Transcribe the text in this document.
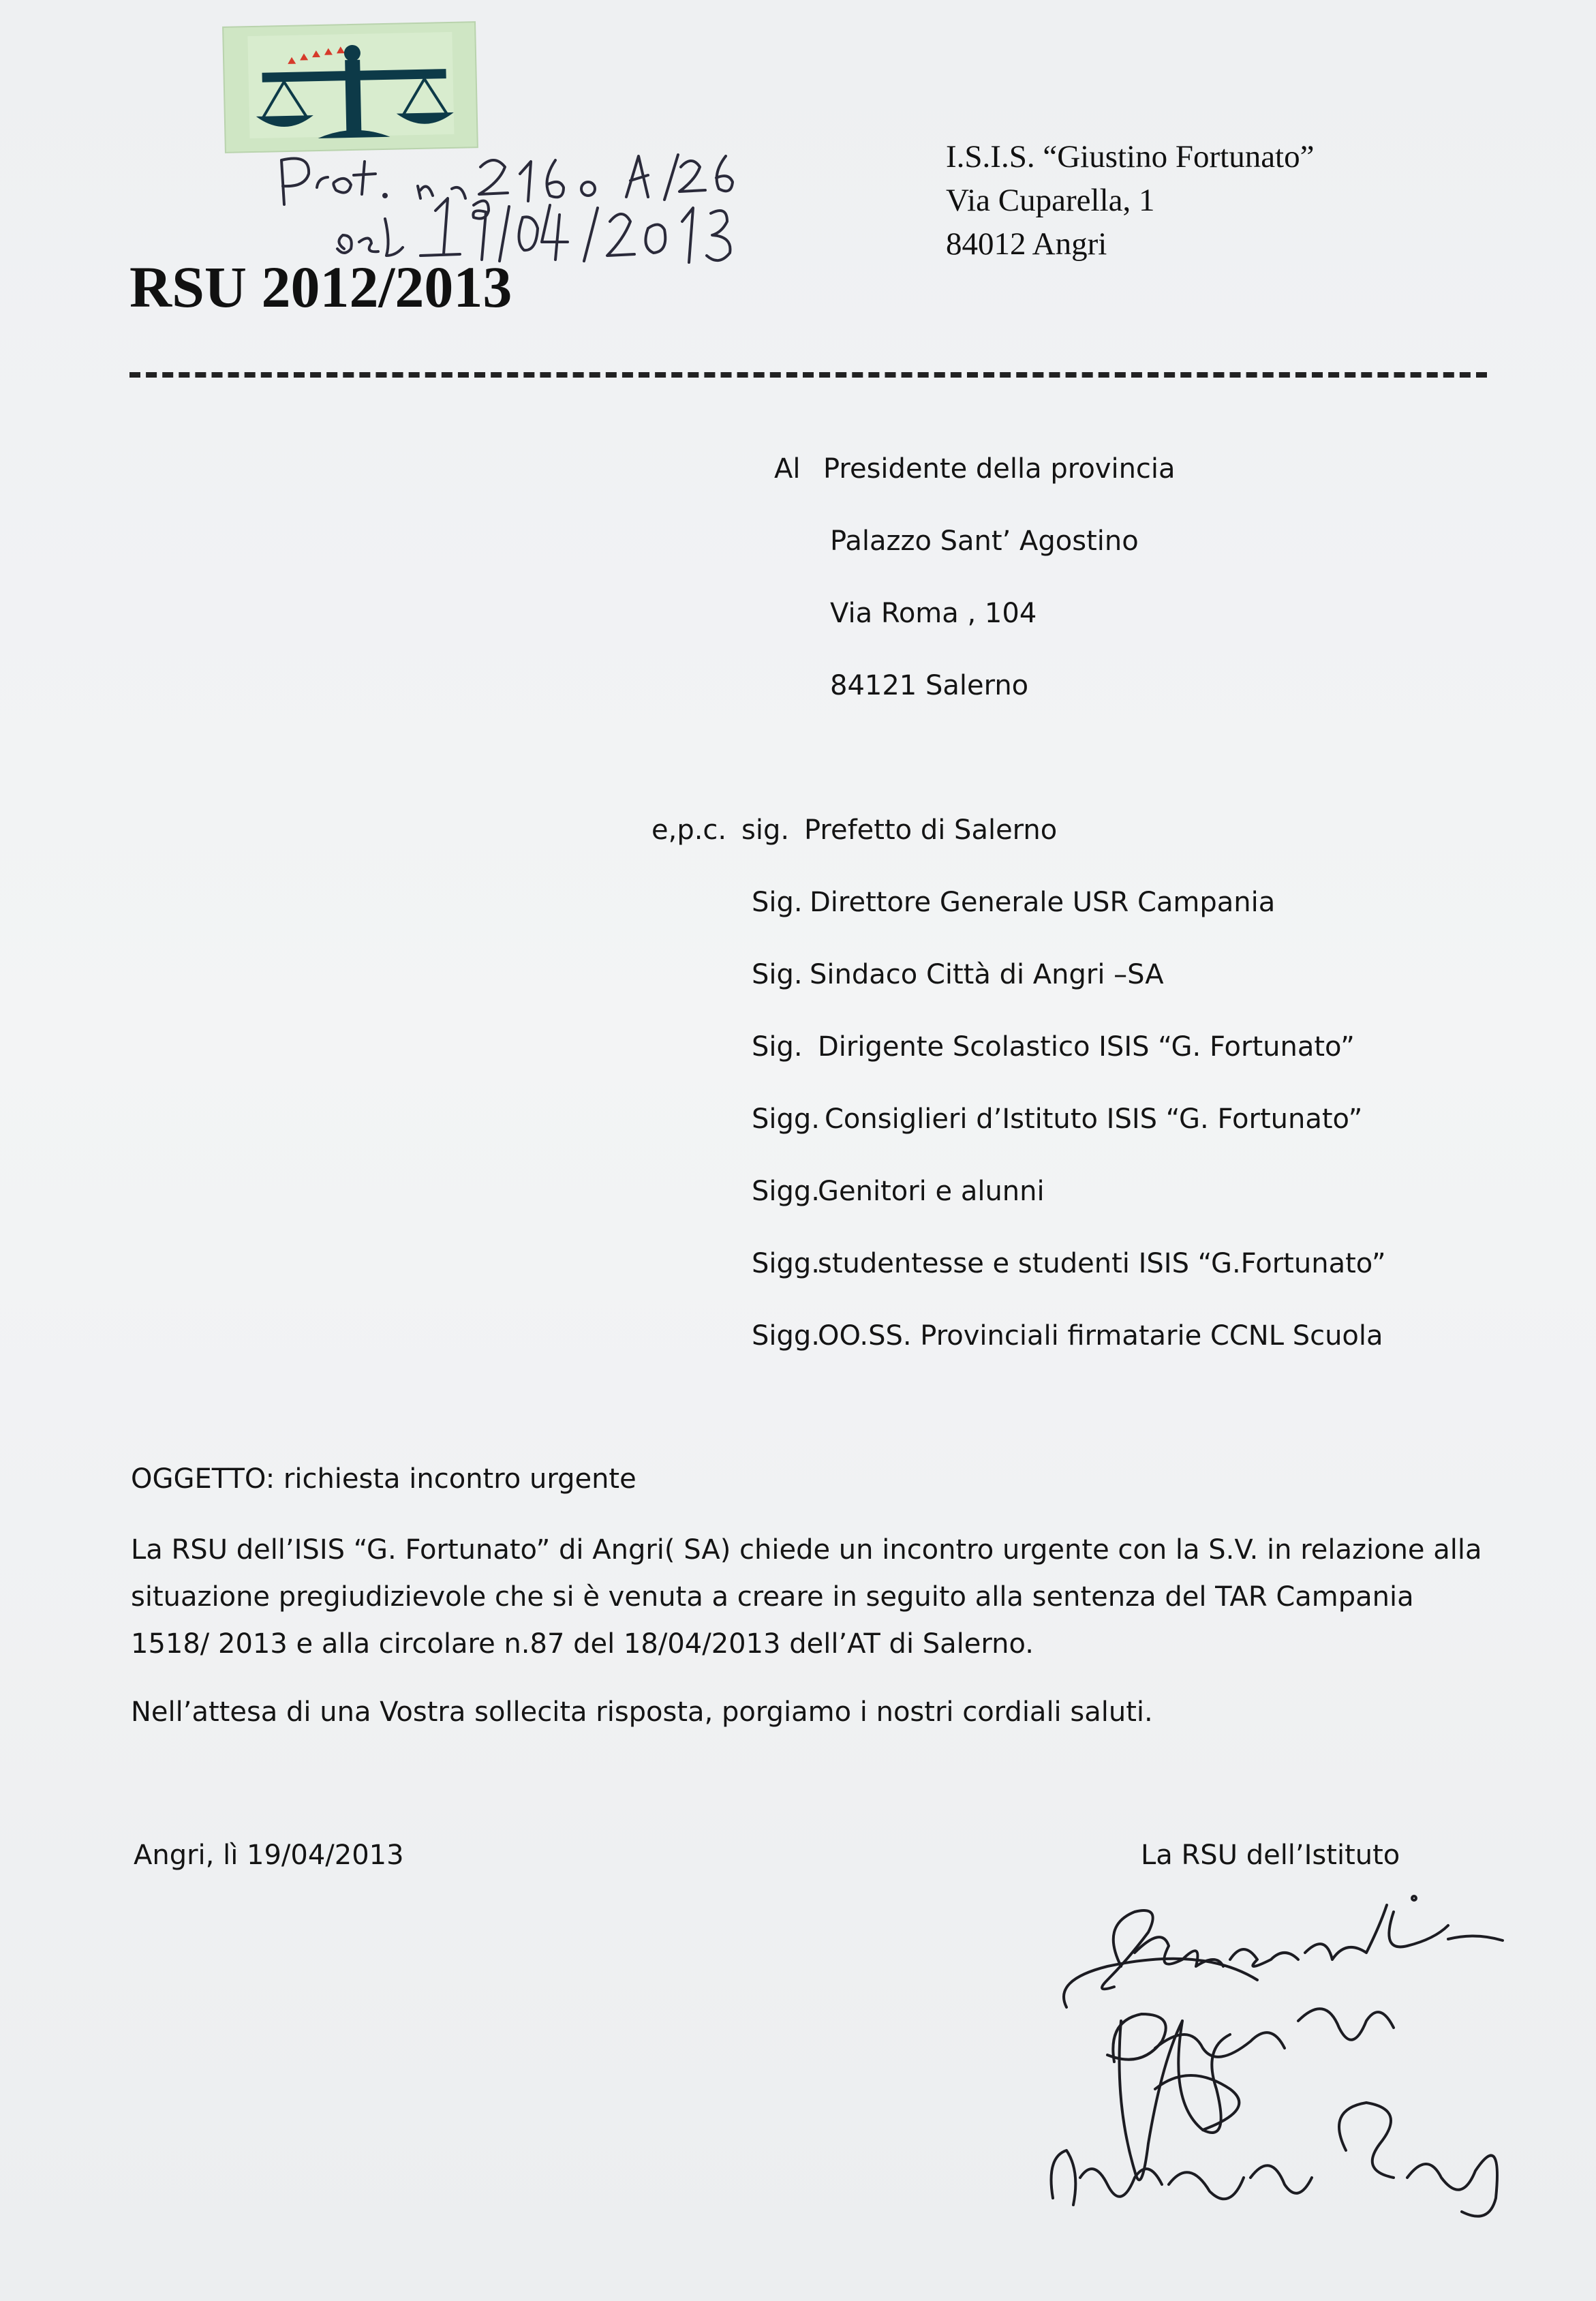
RSU 2012/2013
I.S.I.S. “Giustino Fortunato”
Via Cuparella, 1
84012 Angri
Al Presidente della provincia
Palazzo Sant’ Agostino
Via Roma , 104
84121 Salerno
e,p.c. sig. Prefetto di Salerno
Sig. Direttore Generale USR Campania
Sig. Sindaco Città di Angri –SA
Sig. Dirigente Scolastico ISIS “G. Fortunato”
Sigg. Consiglieri d’Istituto ISIS “G. Fortunato”
Sigg.
Genitori e alunni
Sigg.
studentesse e studenti ISIS “G.Fortunato”
Sigg.
OO.SS. Provinciali firmatarie CCNL Scuola
OGGETTO: richiesta incontro urgente
La RSU dell’ISIS “G. Fortunato” di Angri( SA) chiede un incontro urgente con la S.V. in relazione alla
situazione pregiudizievole che si è venuta a creare in seguito alla sentenza del TAR Campania
1518/ 2013 e alla circolare n.87 del 18/04/2013 dell’AT di Salerno.
Nell’attesa di una Vostra sollecita risposta, porgiamo i nostri cordiali saluti.
Angri, lì 19/04/2013	La RSU dell’Istituto
